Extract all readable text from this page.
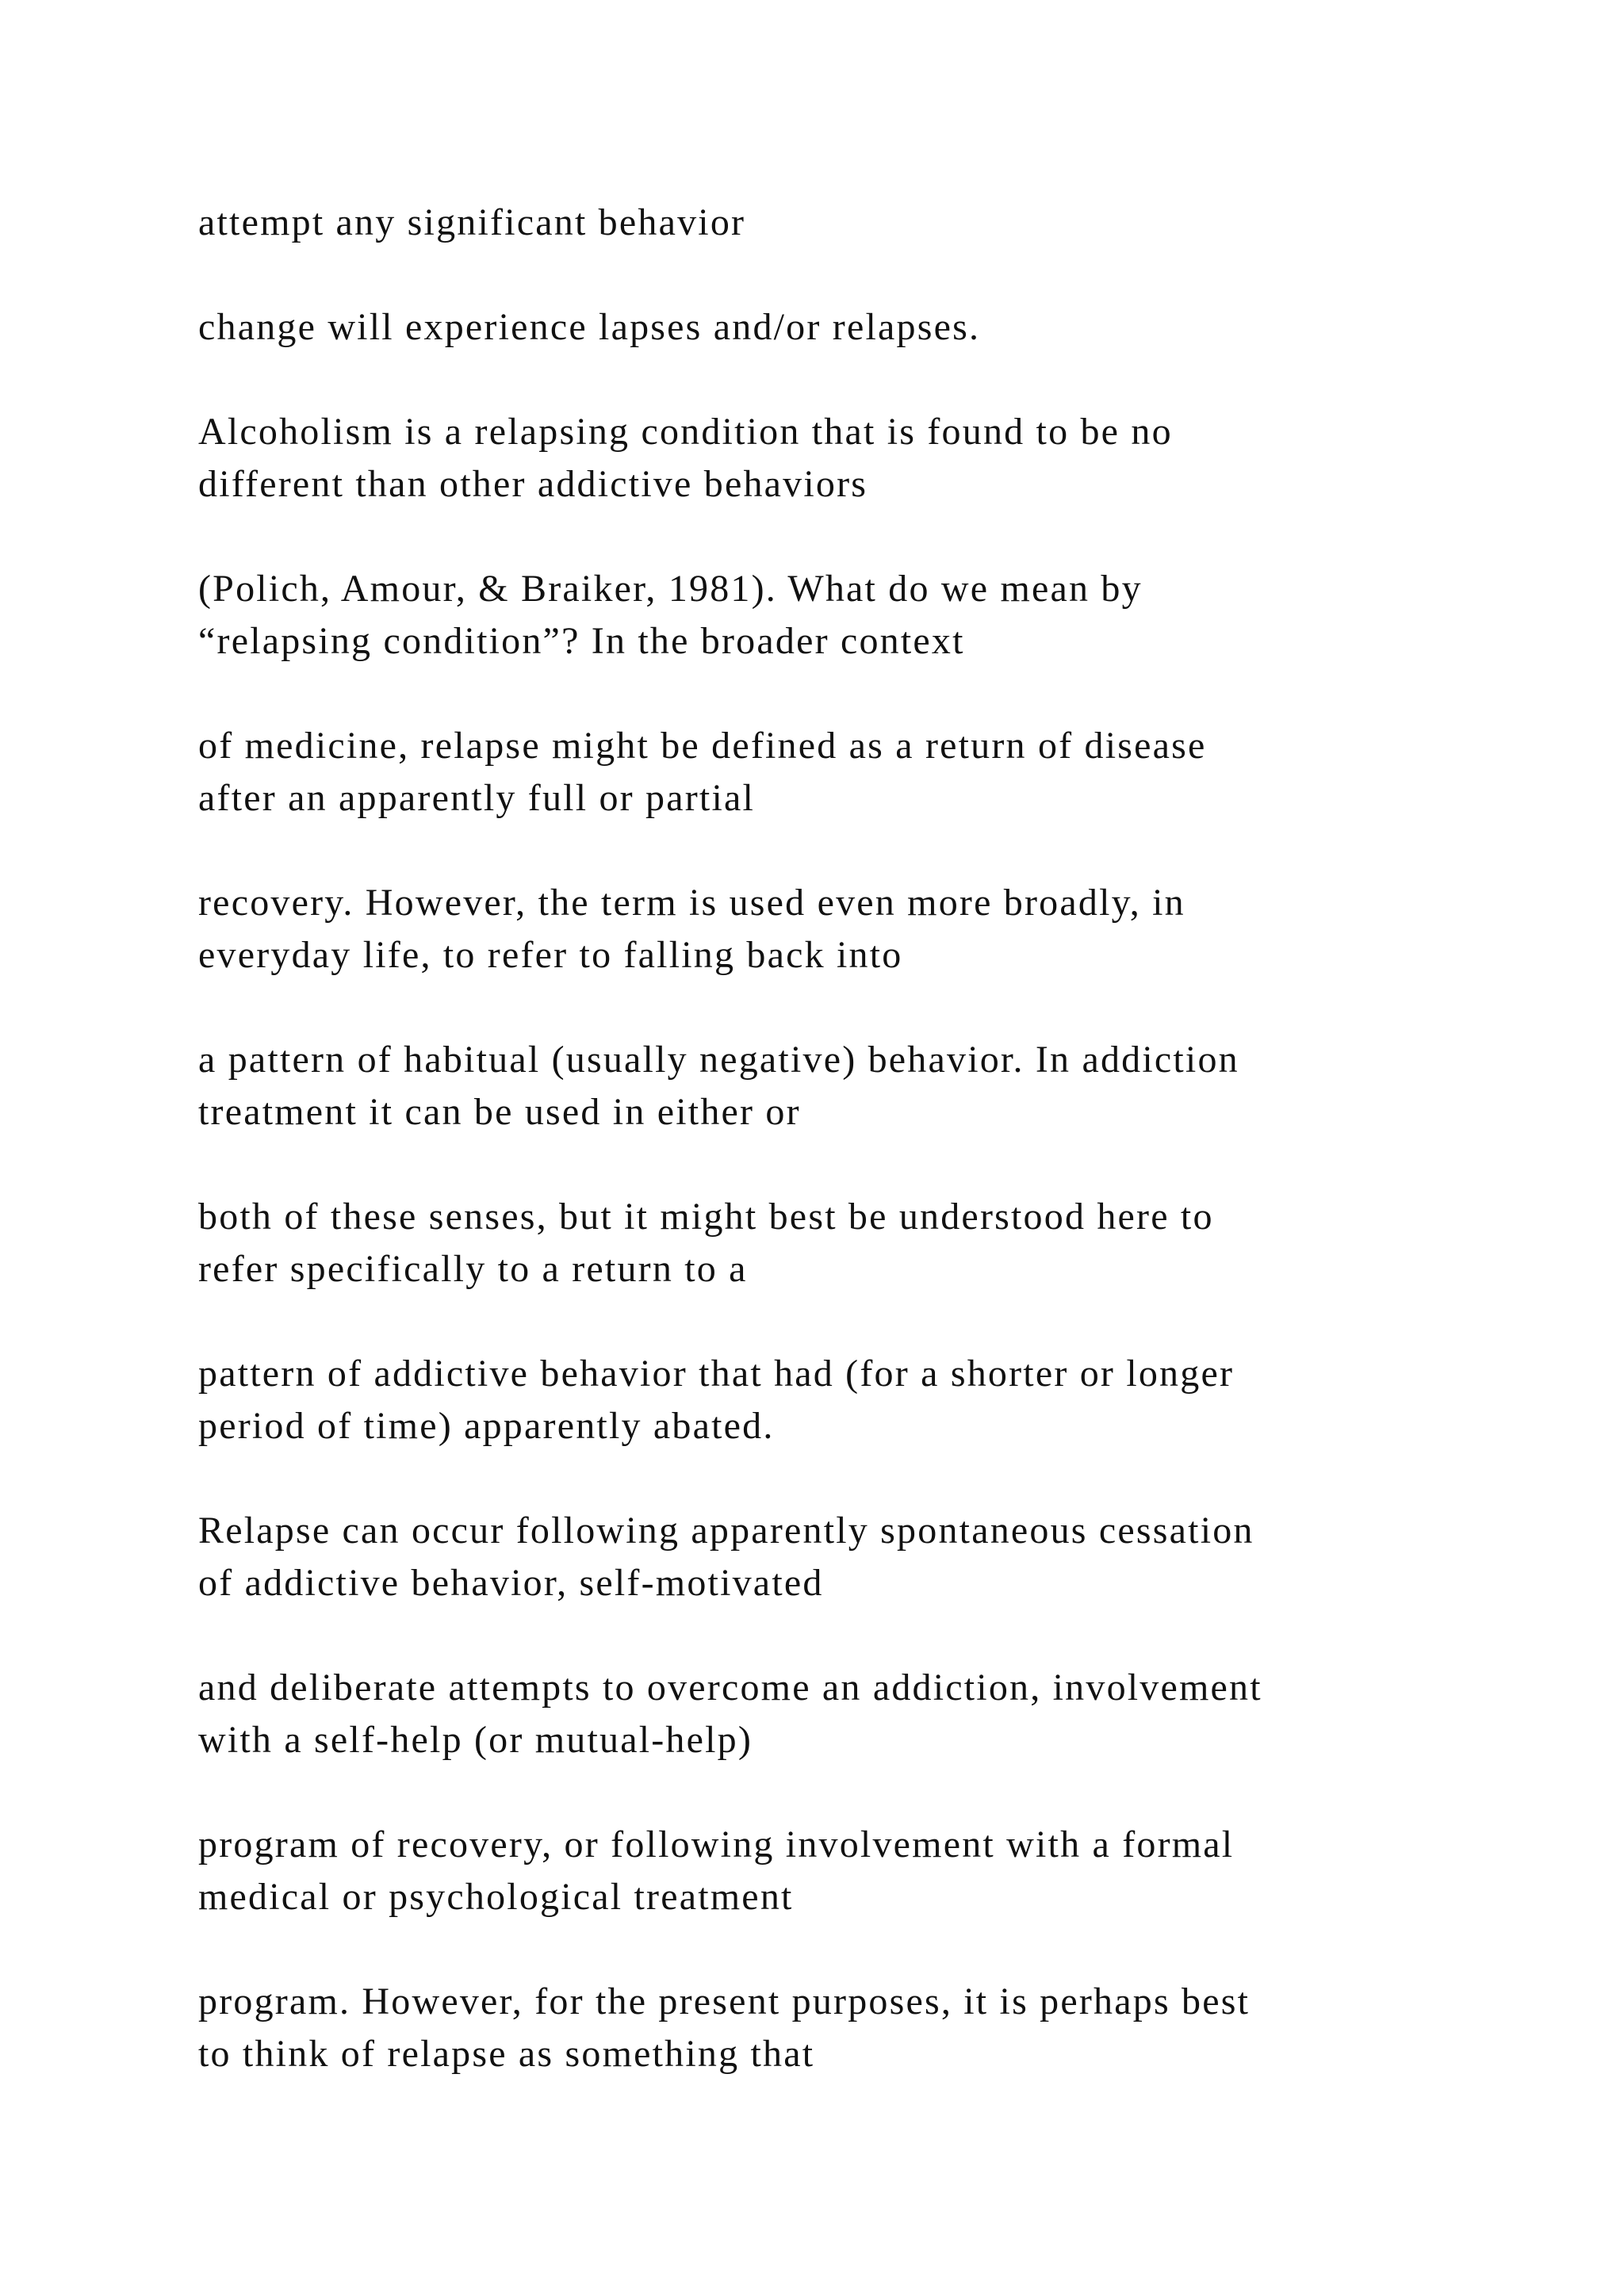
attempt any significant behavior

change will experience lapses and/or relapses.

Alcoholism is a relapsing condition that is found to be no
different than other addictive behaviors

(Polich, Amour, & Braiker, 1981). What do we mean by
“relapsing condition”? In the broader context

of medicine, relapse might be defined as a return of disease
after an apparently full or partial

recovery. However, the term is used even more broadly, in
everyday life, to refer to falling back into

a pattern of habitual (usually negative) behavior. In addiction
treatment it can be used in either or

both of these senses, but it might best be understood here to
refer specifically to a return to a

pattern of addictive behavior that had (for a shorter or longer
period of time) apparently abated.

Relapse can occur following apparently spontaneous cessation
of addictive behavior, self-motivated

and deliberate attempts to overcome an addiction, involvement
with a self-help (or mutual-help)

program of recovery, or following involvement with a formal
medical or psychological treatment

program. However, for the present purposes, it is perhaps best
to think of relapse as something that
